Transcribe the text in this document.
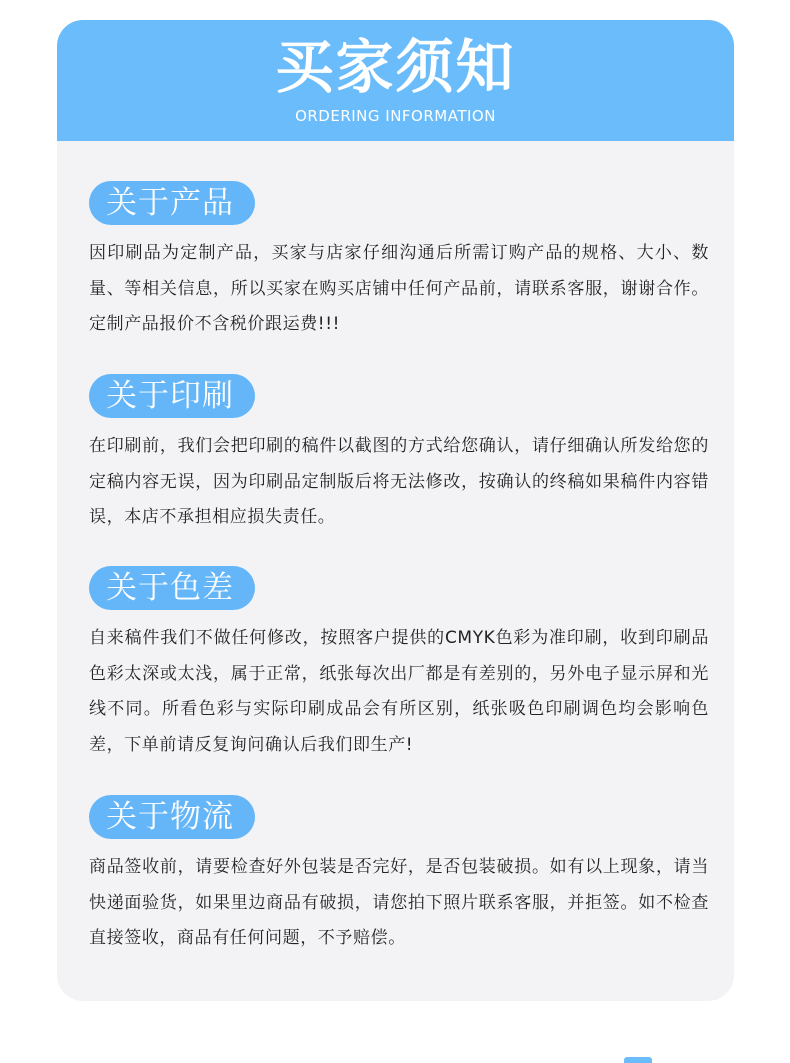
买家须知
ORDERING INFORMATION
关于产品
因印刷品为定制产品，买家与店家仔细沟通后所需订购产品的规格、大小、数量、等相关信息，所以买家在购买店铺中任何产品前，请联系客服，谢谢合作。定制产品报价不含税价跟运费!!!
关于印刷
在印刷前，我们会把印刷的稿件以截图的方式给您确认，请仔细确认所发给您的定稿内容无误，因为印刷品定制版后将无法修改，按确认的终稿如果稿件内容错误，本店不承担相应损失责任。
关于色差
自来稿件我们不做任何修改，按照客户提供的CMYK色彩为准印刷，收到印刷品色彩太深或太浅，属于正常，纸张每次出厂都是有差别的，另外电子显示屏和光线不同。所看色彩与实际印刷成品会有所区别，纸张吸色印刷调色均会影响色差，下单前请反复询问确认后我们即生产!
关于物流
商品签收前，请要检查好外包装是否完好，是否包装破损。如有以上现象，请当快递面验货，如果里边商品有破损，请您拍下照片联系客服，并拒签。如不检查直接签收，商品有任何问题，不予赔偿。
